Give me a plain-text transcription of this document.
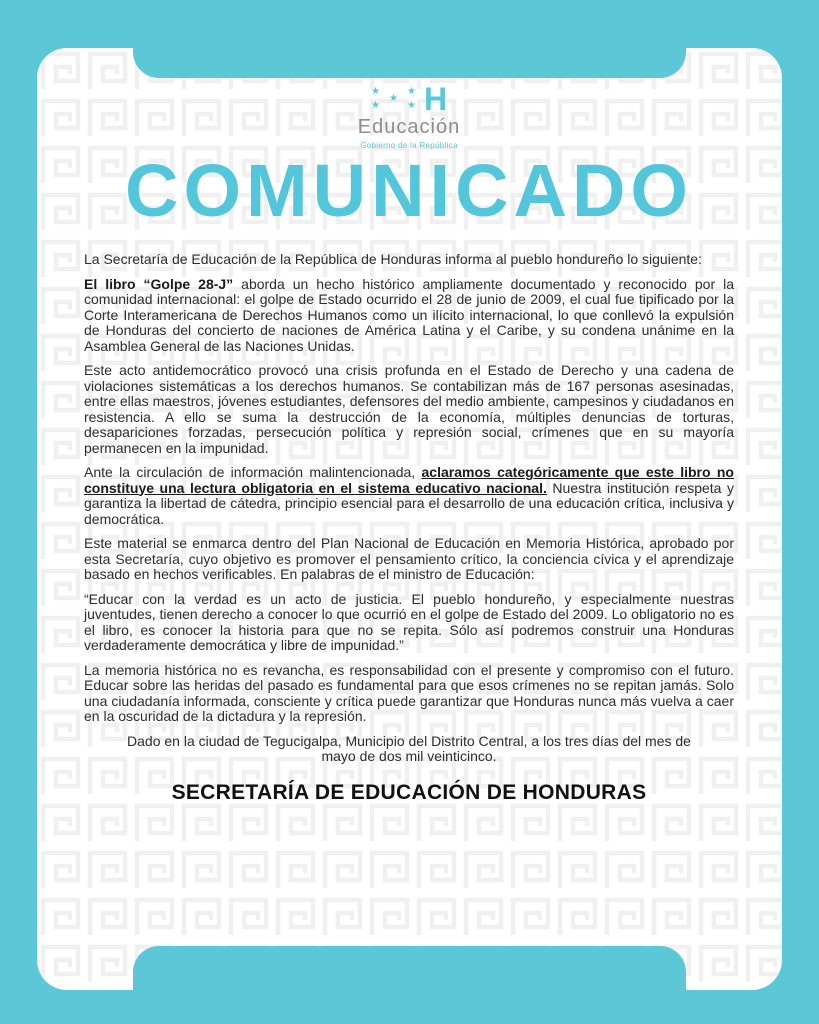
★
★
★
★
★ H
Educación
Gobierno de la República
COMUNICADO

La Secretaría de Educación de la República de Honduras informa al pueblo hondureño lo siguiente:

El libro “Golpe 28-J” aborda un hecho histórico ampliamente documentado y reconocido por la comunidad internacional: el golpe de Estado ocurrido el 28 de junio de 2009, el cual fue tipificado por la Corte Interamericana de Derechos Humanos como un ilícito internacional, lo que conllevó la expulsión de Honduras del concierto de naciones de América Latina y el Caribe, y su condena unánime en la Asamblea General de las Naciones Unidas.

Este acto antidemocrático provocó una crisis profunda en el Estado de Derecho y una cadena de violaciones sistemáticas a los derechos humanos. Se contabilizan más de 167 personas asesinadas, entre ellas maestros, jóvenes estudiantes, defensores del medio ambiente, campesinos y ciudadanos en resistencia. A ello se suma la destrucción de la economía, múltiples denuncias de torturas, desapariciones forzadas, persecución política y represión social, crímenes que en su mayoría permanecen en la impunidad.

Ante la circulación de información malintencionada, aclaramos categóricamente que este libro no constituye una lectura obligatoria en el sistema educativo nacional. Nuestra institución respeta y garantiza la libertad de cátedra, principio esencial para el desarrollo de una educación crítica, inclusiva y democrática.

Este material se enmarca dentro del Plan Nacional de Educación en Memoria Histórica, aprobado por esta Secretaría, cuyo objetivo es promover el pensamiento crítico, la conciencia cívica y el aprendizaje basado en hechos verificables. En palabras de el ministro de Educación:

“Educar con la verdad es un acto de justicia. El pueblo hondureño, y especialmente nuestras juventudes, tienen derecho a conocer lo que ocurrió en el golpe de Estado del 2009. Lo obligatorio no es el libro, es conocer la historia para que no se repita. Sólo así podremos construir una Honduras verdaderamente democrática y libre de impunidad.”

La memoria histórica no es revancha, es responsabilidad con el presente y compromiso con el futuro. Educar sobre las heridas del pasado es fundamental para que esos crímenes no se repitan jamás. Solo una ciudadanía informada, consciente y crítica puede garantizar que Honduras nunca más vuelva a caer en la oscuridad de la dictadura y la represión.

Dado en la ciudad de Tegucigalpa, Municipio del Distrito Central, a los tres días del mes de mayo de dos mil veinticinco.

SECRETARÍA DE EDUCACIÓN DE HONDURAS
